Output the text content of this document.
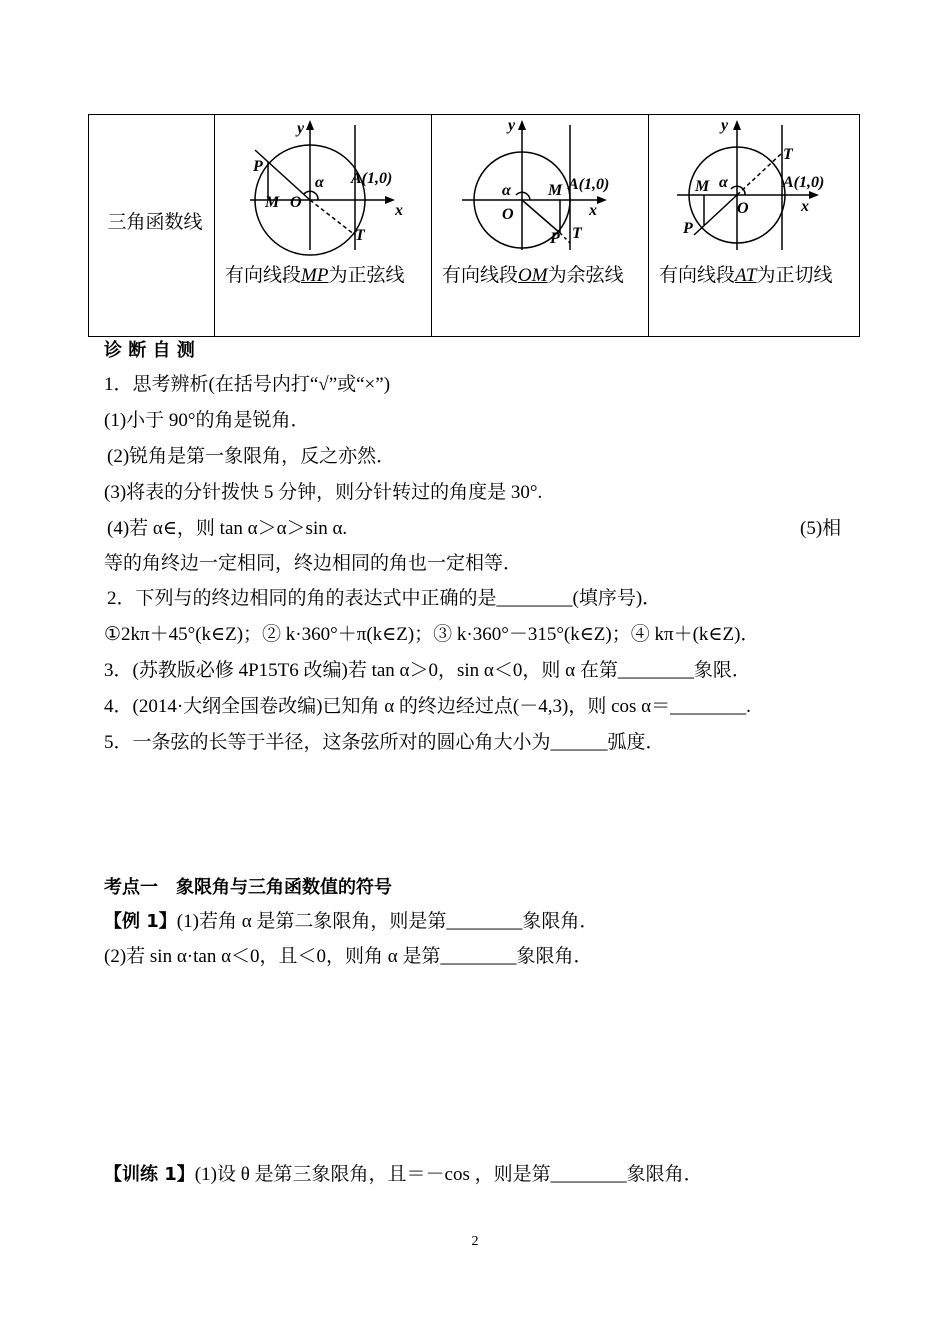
三角函数线

y
x
P
M O
T
A(1,0)
α
有向线段MP为正弦线

y
x
P
M
O
T
A(1,0)
α
有向线段OM为余弦线

y
x
P
M
O
T
A(1,0)
α
有向线段AT为正切线
诊 断 自 测
1．思考辨析(在括号内打“√”或“×”)
(1)小于 90°的角是锐角．
(2)锐角是第一象限角，反之亦然．
(3)将表的分针拨快 5 分钟，则分针转过的角度是 30°.
(4)若 α∈，则 tan α＞α＞sin α.	(5)相
等的角终边一定相同，终边相同的角也一定相等．
2．下列与的终边相同的角的表达式中正确的是________(填序号)．
①2kπ＋45°(k∈Z)；② k·360°＋π(k∈Z)；③ k·360°－315°(k∈Z)；④ kπ＋(k∈Z)．
3．(苏教版必修 4P15T6 改编)若 tan α＞0，sin α＜0，则 α 在第________象限．
4．(2014·大纲全国卷改编)已知角 α 的终边经过点(－4,3)，则 cos α＝________.
5．一条弦的长等于半径，这条弦所对的圆心角大小为______弧度．
考点一　象限角与三角函数值的符号
【例 1】(1)若角 α 是第二象限角，则是第________象限角．
(2)若 sin α·tan α＜0，且＜0，则角 α 是第________象限角．
【训练 1】(1)设 θ 是第三象限角，且＝－cos ，则是第________象限角．
2
